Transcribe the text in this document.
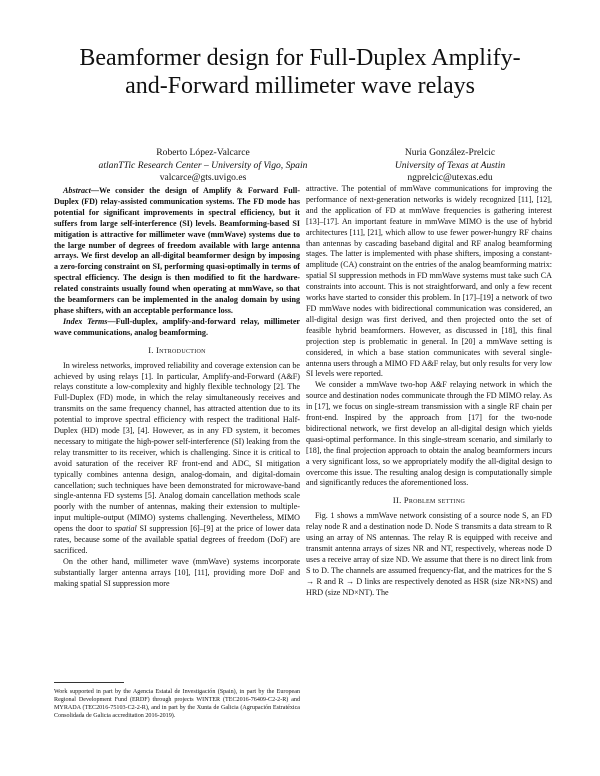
Beamformer design for Full-Duplex Amplify-and-Forward millimeter wave relays
Roberto López-Valcarce
atlanTTic Research Center – University of Vigo, Spain
valcarce@gts.uvigo.es
Nuria González-Prelcic
University of Texas at Austin
ngprelcic@utexas.edu

Abstract—We consider the design of Amplify & Forward Full-Duplex (FD) relay-assisted communication systems. The FD mode has potential for significant improvements in spectral efficiency, but it suffers from large self-interference (SI) levels. Beamforming-based SI mitigation is attractive for millimeter wave (mmWave) systems due to the large number of degrees of freedom available with large antenna arrays. We first develop an all-digital beamformer design by imposing a zero-forcing constraint on SI, performing quasi-optimally in terms of spectral efficiency. The design is then modified to fit the hardware-related constraints usually found when operating at mmWave, so that the beamformers can be implemented in the analog domain by using phase shifters, with an acceptable performance loss.

Index Terms—Full-duplex, amplify-and-forward relay, millimeter wave communications, analog beamforming.

I. Introduction

In wireless networks, improved reliability and coverage extension can be achieved by using relays [1]. In particular, Amplify-and-Forward (A&F) relays constitute a low-complexity and highly flexible technology [2]. The Full-Duplex (FD) mode, in which the relay simultaneously receives and transmits on the same frequency channel, has attracted attention due to its potential to improve spectral efficiency with respect the traditional Half-Duplex (HD) mode [3], [4]. However, as in any FD system, it becomes necessary to mitigate the high-power self-interference (SI) leaking from the relay transmitter to its receiver, which is challenging. Since it is critical to avoid saturation of the receiver RF front-end and ADC, SI mitigation typically combines antenna design, analog-domain, and digital-domain cancellation; such techniques have been demonstrated for microwave-band single-antenna FD systems [5]. Analog domain cancellation methods scale poorly with the number of antennas, making their extension to multiple-input multiple-output (MIMO) systems challenging. Nevertheless, MIMO opens the door to spatial SI suppression [6]–[9] at the price of lower data rates, because some of the available spatial degrees of freedom (DoF) are sacrificed.

On the other hand, millimeter wave (mmWave) systems incorporate substantially larger antenna arrays [10], [11], providing more DoF and making spatial SI suppression more

Work supported in part by the Agencia Estatal de Investigación (Spain), in part by the European Regional Development Fund (ERDF) through projects WINTER (TEC2016-76409-C2-2-R) and MYRADA (TEC2016-75103-C2-2-R), and in part by the Xunta de Galicia (Agrupación Estratéxica Consolidada de Galicia accreditation 2016-2019).

attractive. The potential of mmWave communications for improving the performance of next-generation networks is widely recognized [11], [12], and the application of FD at mmWave frequencies is gathering interest [13]–[17]. An important feature in mmWave MIMO is the use of hybrid architectures [11], [21], which allow to use fewer power-hungry RF chains than antennas by cascading baseband digital and RF analog beamforming stages. The latter is implemented with phase shifters, imposing a constant-amplitude (CA) constraint on the entries of the analog beamforming matrix: spatial SI suppression methods in FD mmWave systems must take such CA constraints into account. This is not straightforward, and only a few recent works have started to consider this problem. In [17]–[19] a network of two FD mmWave nodes with bidirectional communication was considered, an all-digital design was first derived, and then projected onto the set of feasible hybrid beamformers. However, as discussed in [18], this final projection step is problematic in general. In [20] a mmWave setting is considered, in which a base station communicates with several single-antenna users through a MIMO FD A&F relay, but only results for very low SI levels were reported.

We consider a mmWave two-hop A&F relaying network in which the source and destination nodes communicate through the FD MIMO relay. As in [17], we focus on single-stream transmission with a single RF chain per front-end. Inspired by the approach from [17] for the two-node bidirectional network, we first develop an all-digital design which yields quasi-optimal performance. In this single-stream scenario, and similarly to [18], the final projection approach to obtain the analog beamformers incurs a very significant loss, so we appropriately modify the all-digital design to overcome this issue. The resulting analog design is computationally simple and significantly reduces the aforementioned loss.

II. Problem setting

Fig. 1 shows a mmWave network consisting of a source node S, an FD relay node R and a destination node D. Node S transmits a data stream to R using an array of NS antennas. The relay R is equipped with receive and transmit antenna arrays of sizes NR and NT, respectively, whereas node D uses a receive array of size ND. We assume that there is no direct link from S to D. The channels are assumed frequency-flat, and the matrices for the S → R and R → D links are respectively denoted as HSR (size NR×NS) and HRD (size ND×NT). The
